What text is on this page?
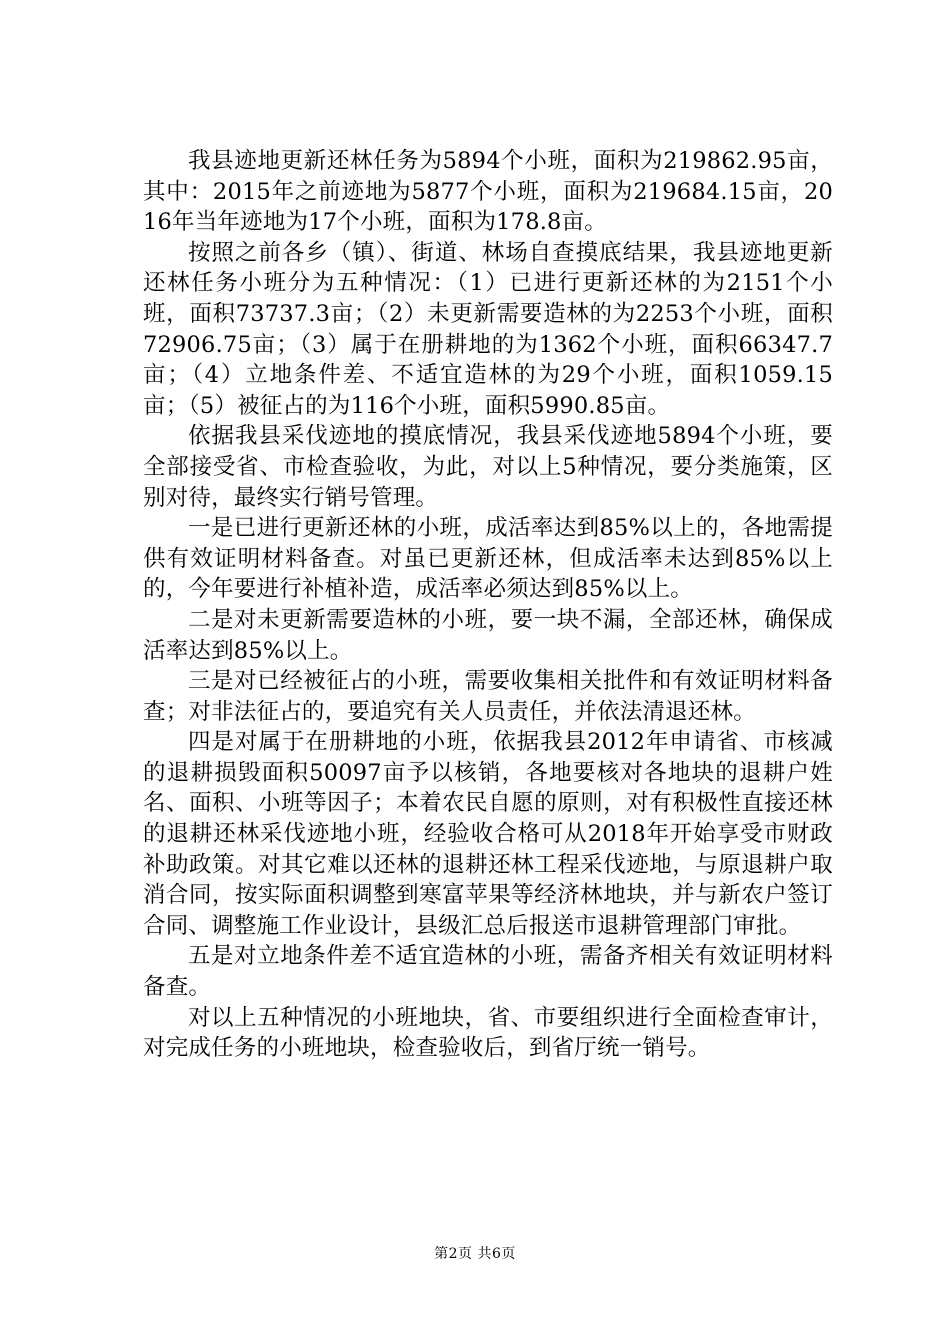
我县迹地更新还林任务为5894个小班，面积为219862.95亩，其中：2015年之前迹地为5877个小班，面积为219684.15亩，2016年当年迹地为17个小班，面积为178.8亩。

按照之前各乡（镇）、街道、林场自查摸底结果，我县迹地更新还林任务小班分为五种情况：（1）已进行更新还林的为2151个小班，面积73737.3亩；（2）未更新需要造林的为2253个小班，面积72906.75亩；（3）属于在册耕地的为1362个小班，面积66347.7亩；（4）立地条件差、不适宜造林的为29个小班，面积1059.15亩；（5）被征占的为116个小班，面积5990.85亩。

依据我县采伐迹地的摸底情况，我县采伐迹地5894个小班，要全部接受省、市检查验收，为此，对以上5种情况，要分类施策，区别对待，最终实行销号管理。

一是已进行更新还林的小班，成活率达到85%以上的，各地需提供有效证明材料备查。对虽已更新还林，但成活率未达到85%以上的，今年要进行补植补造，成活率必须达到85%以上。

二是对未更新需要造林的小班，要一块不漏，全部还林，确保成活率达到85%以上。

三是对已经被征占的小班，需要收集相关批件和有效证明材料备查；对非法征占的，要追究有关人员责任，并依法清退还林。

四是对属于在册耕地的小班，依据我县2012年申请省、市核减的退耕损毁面积50097亩予以核销，各地要核对各地块的退耕户姓名、面积、小班等因子；本着农民自愿的原则，对有积极性直接还林的退耕还林采伐迹地小班，经验收合格可从2018年开始享受市财政补助政策。对其它难以还林的退耕还林工程采伐迹地，与原退耕户取消合同，按实际面积调整到寒富苹果等经济林地块，并与新农户签订合同、调整施工作业设计，县级汇总后报送市退耕管理部门审批。

五是对立地条件差不适宜造林的小班，需备齐相关有效证明材料备查。

对以上五种情况的小班地块，省、市要组织进行全面检查审计，对完成任务的小班地块，检查验收后，到省厅统一销号。

第2页 共6页
